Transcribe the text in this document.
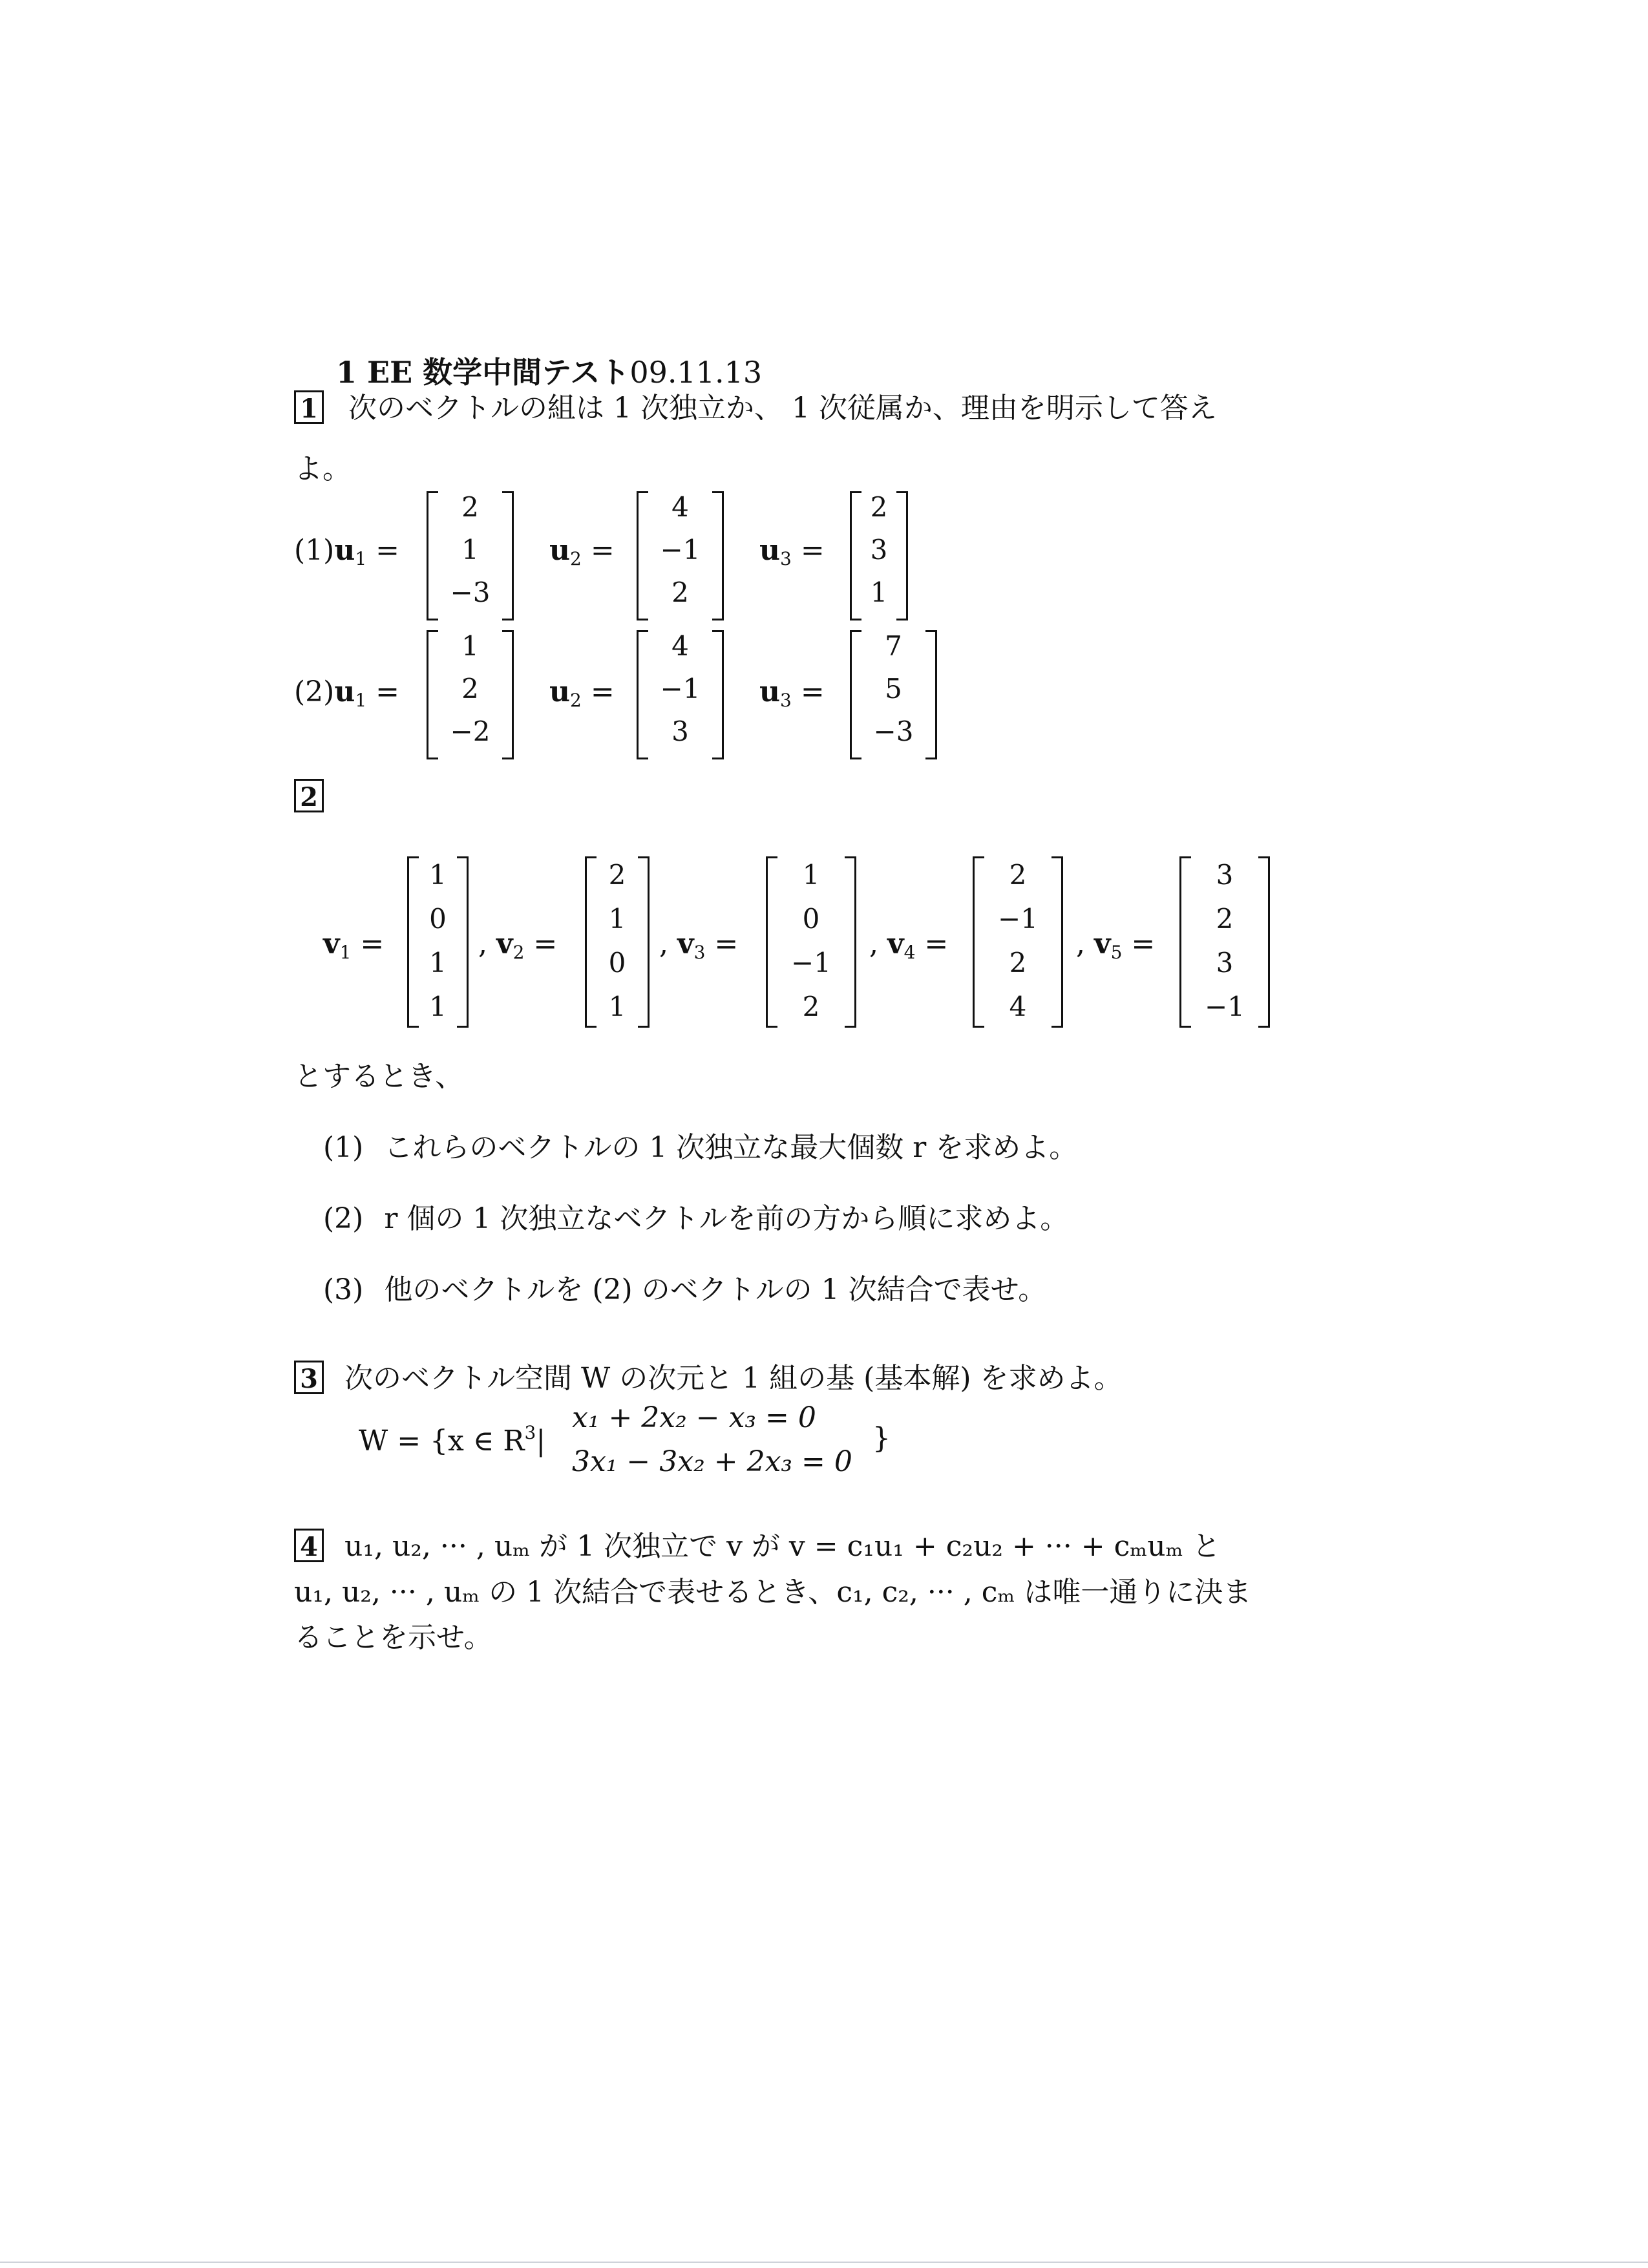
1 EE 数学中間テスト09.11.13
1 次のベクトルの組は 1 次独立か、 1 次従属か、理由を明示して答え
よ。
$(1)u_1$ =
2
1
−3
$u_2$ =
4
−1
2
$u_3$ =
2
3
1
$(2)u_1$ =
1
2
−2
$u_2$ =
4
−1
3
$u_3$ =
7
5
−3
2
$v_1$ =
1
0
1
1
, $v_2$ =
2
1
0
1
, $v_3$ =
1
0
−1
2
, $v_4$ =
2
−1
2
4
, $v_5$ =
3
2
3
−1
とするとき、
(1) これらのベクトルの 1 次独立な最大個数 r を求めよ。
(2) r 個の 1 次独立なベクトルを前の方から順に求めよ。
(3) 他のベクトルを (2) のベクトルの 1 次結合で表せ。
3 次のベクトル空間 W の次元と 1 組の基 (基本解) を求めよ。
W = {x ∈ $R^3|$
x₁ + 2x₂ − x₃ = 0
3x₁ − 3x₂ + 2x₃ = 0
}
4 u₁, u₂, ··· , uₘ が 1 次独立で v が v = c₁u₁ + c₂u₂ + ··· + cₘuₘ と
u₁, u₂, ··· , uₘ の 1 次結合で表せるとき、c₁, c₂, ··· , cₘ は唯一通りに決ま
ることを示せ。
